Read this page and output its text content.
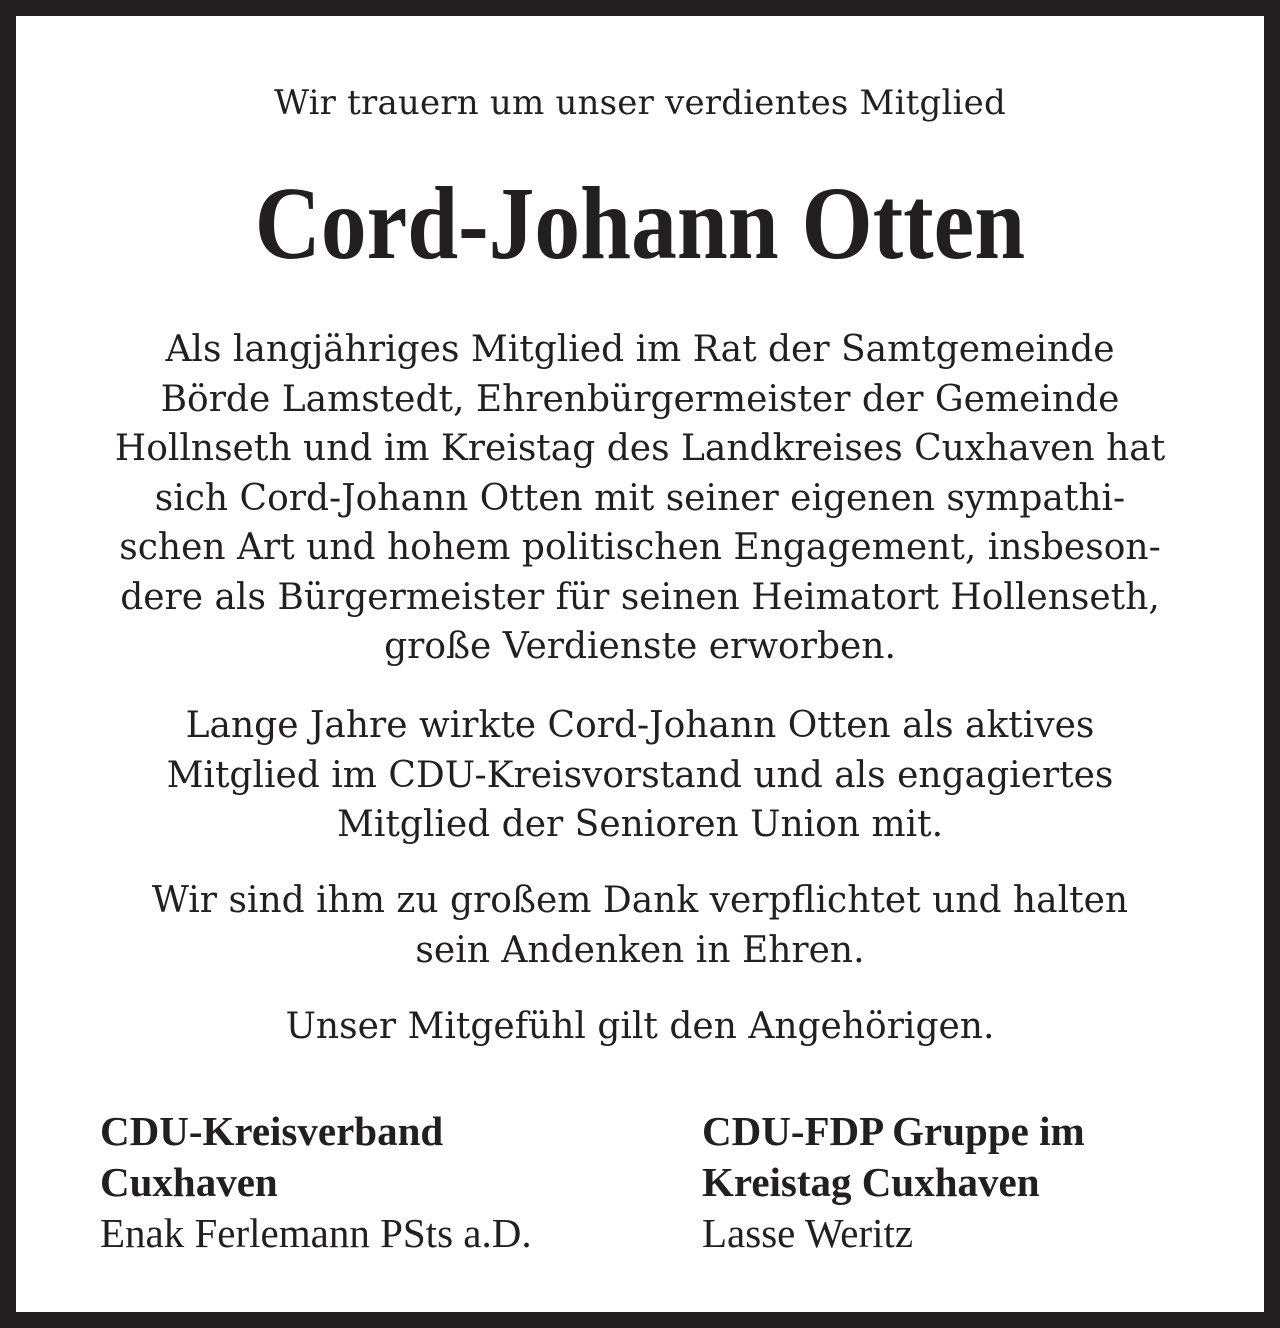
Wir trauern um unser verdientes Mitglied
Cord-Johann Otten
Als langjähriges Mitglied im Rat der Samtgemeinde
Börde Lamstedt, Ehrenbürgermeister der Gemeinde
Hollnseth und im Kreistag des Landkreises Cuxhaven hat
sich Cord-Johann Otten mit seiner eigenen sympathi-
schen Art und hohem politischen Engagement, insbeson-
dere als Bürgermeister für seinen Heimatort Hollenseth,
große Verdienste erworben.
Lange Jahre wirkte Cord-Johann Otten als aktives
Mitglied im CDU-Kreisvorstand und als engagiertes
Mitglied der Senioren Union mit.
Wir sind ihm zu großem Dank verpflichtet und halten
sein Andenken in Ehren.
Unser Mitgefühl gilt den Angehörigen.
CDU-Kreisverband
Cuxhaven
Enak Ferlemann PSts a.D.
CDU-FDP Gruppe im
Kreistag Cuxhaven
Lasse Weritz
